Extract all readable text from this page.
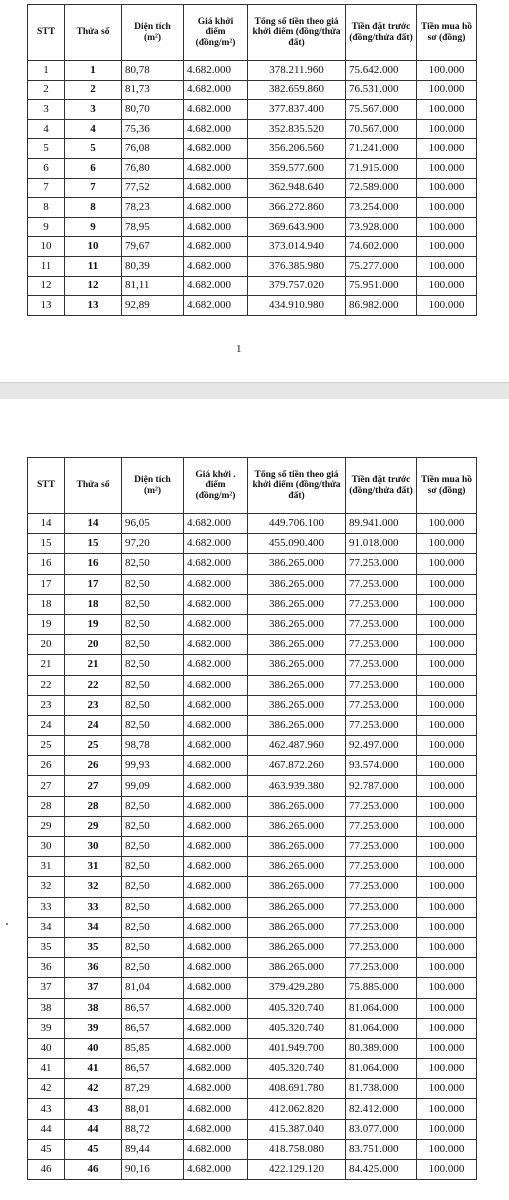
STT	Thửa số	Diện tích (m²)	Giá khởi điểm (đồng/m²)	Tổng số tiền theo giá khởi điểm (đồng/thửa đất)	Tiền đặt trước (đồng/thửa đất)	Tiền mua hồ sơ (đồng)
1	1	80,78	4.682.000	378.211.960	75.642.000	100.000
2	2	81,73	4.682.000	382.659.860	76.531.000	100.000
3	3	80,70	4.682.000	377.837.400	75.567.000	100.000
4	4	75,36	4.682.000	352.835.520	70.567.000	100.000
5	5	76,08	4.682.000	356.206.560	71.241.000	100.000
6	6	76,80	4.682.000	359.577.600	71.915.000	100.000
7	7	77,52	4.682.000	362.948.640	72.589.000	100.000
8	8	78,23	4.682.000	366.272.860	73.254.000	100.000
9	9	78,95	4.682.000	369.643.900	73.928.000	100.000
10	10	79,67	4.682.000	373.014.940	74.602.000	100.000
11	11	80,39	4.682.000	376.385.980	75.277.000	100.000
12	12	81,11	4.682.000	379.757.020	75.951.000	100.000
13	13	92,89	4.682.000	434.910.980	86.982.000	100.000
1
STT	Thửa số	Diện tích (m²)	Giá khởi . điểm (đồng/m²)	Tổng số tiền theo giá khởi điểm (đồng/thửa đất)	Tiền đặt trước (đồng/thửa đất)	Tiền mua hồ sơ (đồng)
14	14	96,05	4.682.000	449.706.100	89.941.000	100.000
15	15	97,20	4.682.000	455.090.400	91.018.000	100.000
16	16	82,50	4.682.000	386.265.000	77.253.000	100.000
17	17	82,50	4.682.000	386.265.000	77.253.000	100.000
18	18	82,50	4.682.000	386.265.000	77.253.000	100.000
19	19	82,50	4.682.000	386.265.000	77.253.000	100.000
20	20	82,50	4.682.000	386.265.000	77.253.000	100.000
21	21	82,50	4.682.000	386.265.000	77.253.000	100.000
22	22	82,50	4.682.000	386.265.000	77.253.000	100.000
23	23	82,50	4.682.000	386.265.000	77.253.000	100.000
24	24	82,50	4.682.000	386.265.000	77.253.000	100.000
25	25	98,78	4.682.000	462.487.960	92.497.000	100.000
26	26	99,93	4.682.000	467.872.260	93.574.000	100.000
27	27	99,09	4.682.000	463.939.380	92.787.000	100.000
28	28	82,50	4.682.000	386.265.000	77.253.000	100.000
29	29	82,50	4.682.000	386.265.000	77.253.000	100.000
30	30	82,50	4.682.000	386.265.000	77.253.000	100.000
31	31	82,50	4.682.000	386.265.000	77.253.000	100.000
32	32	82,50	4.682.000	386.265.000	77.253.000	100.000
33	33	82,50	4.682.000	386.265.000	77.253.000	100.000
34	34	82,50	4.682.000	386.265.000	77.253.000	100.000
35	35	82,50	4.682.000	386.265.000	77.253.000	100.000
36	36	82,50	4.682.000	386.265.000	77.253.000	100.000
37	37	81,04	4.682.000	379.429.280	75.885.000	100.000
38	38	86,57	4.682.000	405.320.740	81.064.000	100.000
39	39	86,57	4.682.000	405.320.740	81.064.000	100.000
40	40	85,85	4.682.000	401.949.700	80.389.000	100.000
41	41	86,57	4.682.000	405.320.740	81.064.000	100.000
42	42	87,29	4.682.000	408.691.780	81.738.000	100.000
43	43	88,01	4.682.000	412.062.820	82.412.000	100.000
44	44	88,72	4.682.000	415.387.040	83.077.000	100.000
45	45	89,44	4.682.000	418.758.080	83.751.000	100.000
46	46	90,16	4.682.000	422.129.120	84.425.000	100.000
